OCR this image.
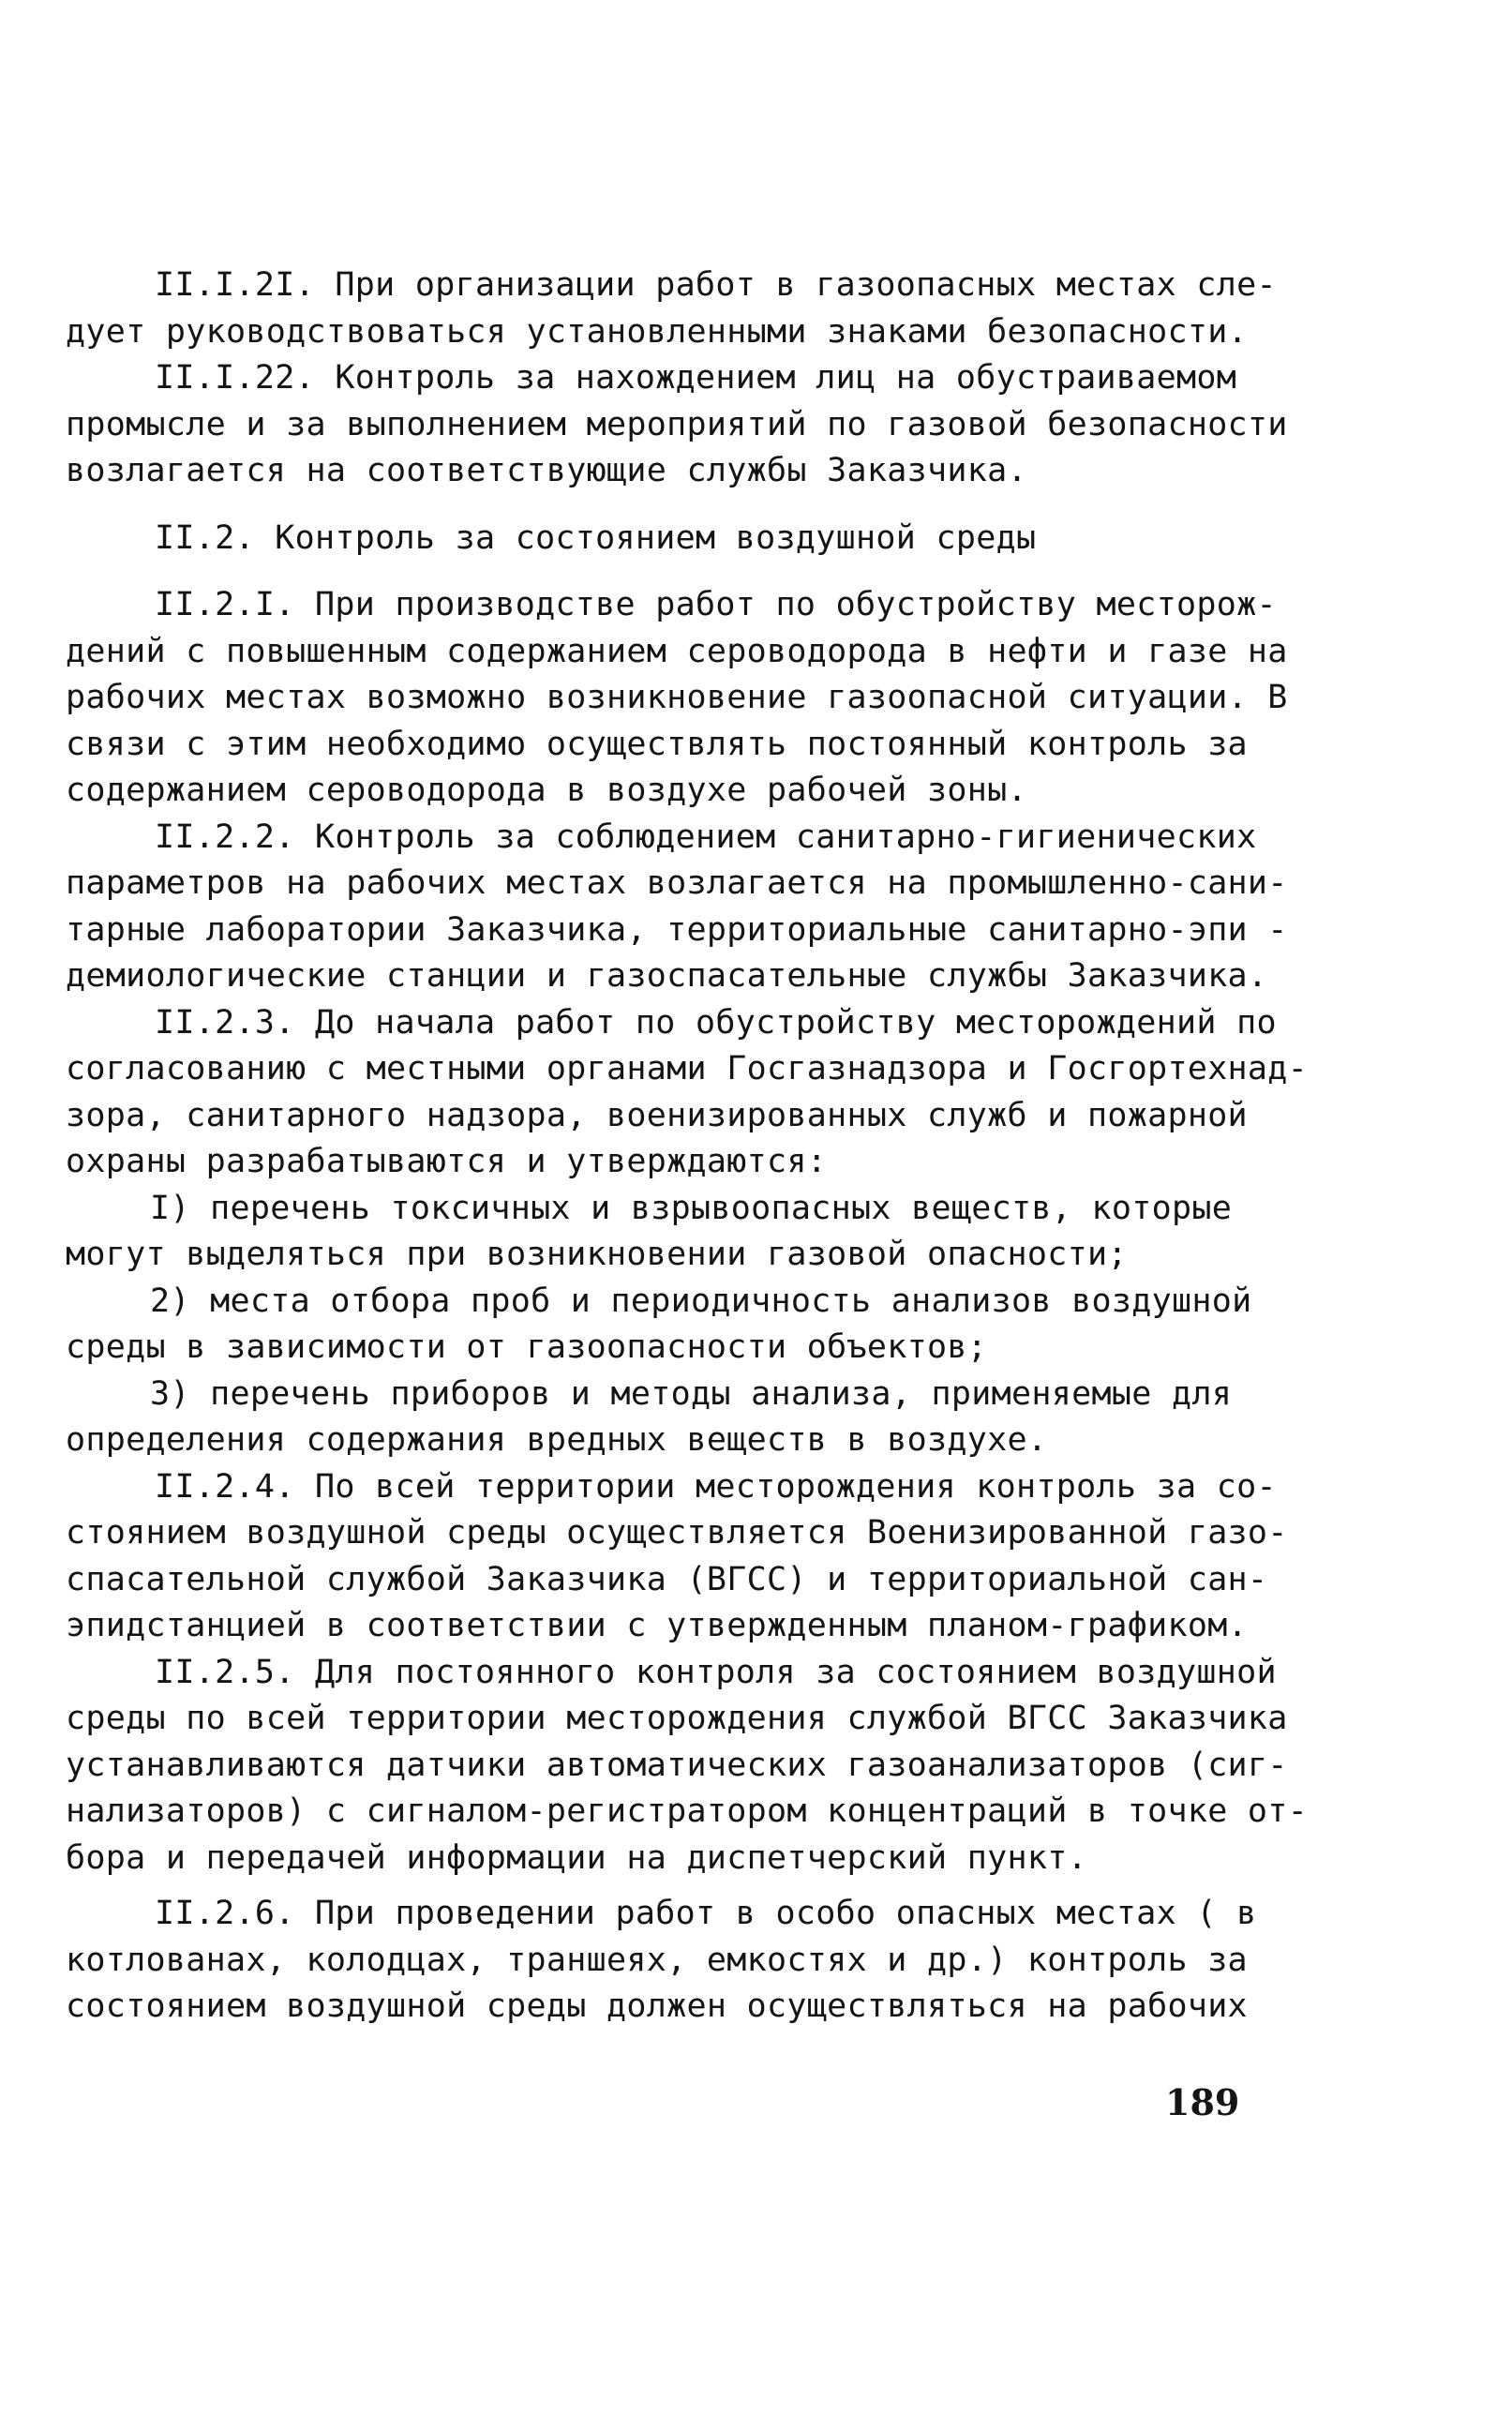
II.I.2I. При организации работ в газоопасных местах сле-
дует руководствоваться установленными знаками безопасности.
II.I.22. Контроль за нахождением лиц на обустраиваемом
промысле и за выполнением мероприятий по газовой безопасности
возлагается на соответствующие службы Заказчика.
II.2. Контроль за состоянием воздушной среды
II.2.I. При производстве работ по обустройству месторож-
дений с повышенным содержанием сероводорода в нефти и газе на
рабочих местах возможно возникновение газоопасной ситуации. В
связи с этим необходимо осуществлять постоянный контроль за
содержанием сероводорода в воздухе рабочей зоны.
II.2.2. Контроль за соблюдением санитарно-гигиенических
параметров на рабочих местах возлагается на промышленно-сани-
тарные лаборатории Заказчика, территориальные санитарно-эпи -
демиологические станции и газоспасательные службы Заказчика.
II.2.3. До начала работ по обустройству месторождений по
согласованию с местными органами Госгазнадзора и Госгортехнад-
зора, санитарного надзора, военизированных служб и пожарной
охраны разрабатываются и утверждаются:
I) перечень токсичных и взрывоопасных веществ, которые
могут выделяться при возникновении газовой опасности;
2) места отбора проб и периодичность анализов воздушной
среды в зависимости от газоопасности объектов;
3) перечень приборов и методы анализа, применяемые для
определения содержания вредных веществ в воздухе.
II.2.4. По всей территории месторождения контроль за со-
стоянием воздушной среды осуществляется Военизированной газо-
спасательной службой Заказчика (ВГСС) и территориальной сан-
эпидстанцией в соответствии с утвержденным планом-графиком.
II.2.5. Для постоянного контроля за состоянием воздушной
среды по всей территории месторождения службой ВГСС Заказчика
устанавливаются датчики автоматических газоанализаторов (сиг-
нализаторов) с сигналом-регистратором концентраций в точке от-
бора и передачей информации на диспетчерский пункт.
II.2.6. При проведении работ в особо опасных местах ( в
котлованах, колодцах, траншеях, емкостях и др.) контроль за
состоянием воздушной среды должен осуществляться на рабочих
189
